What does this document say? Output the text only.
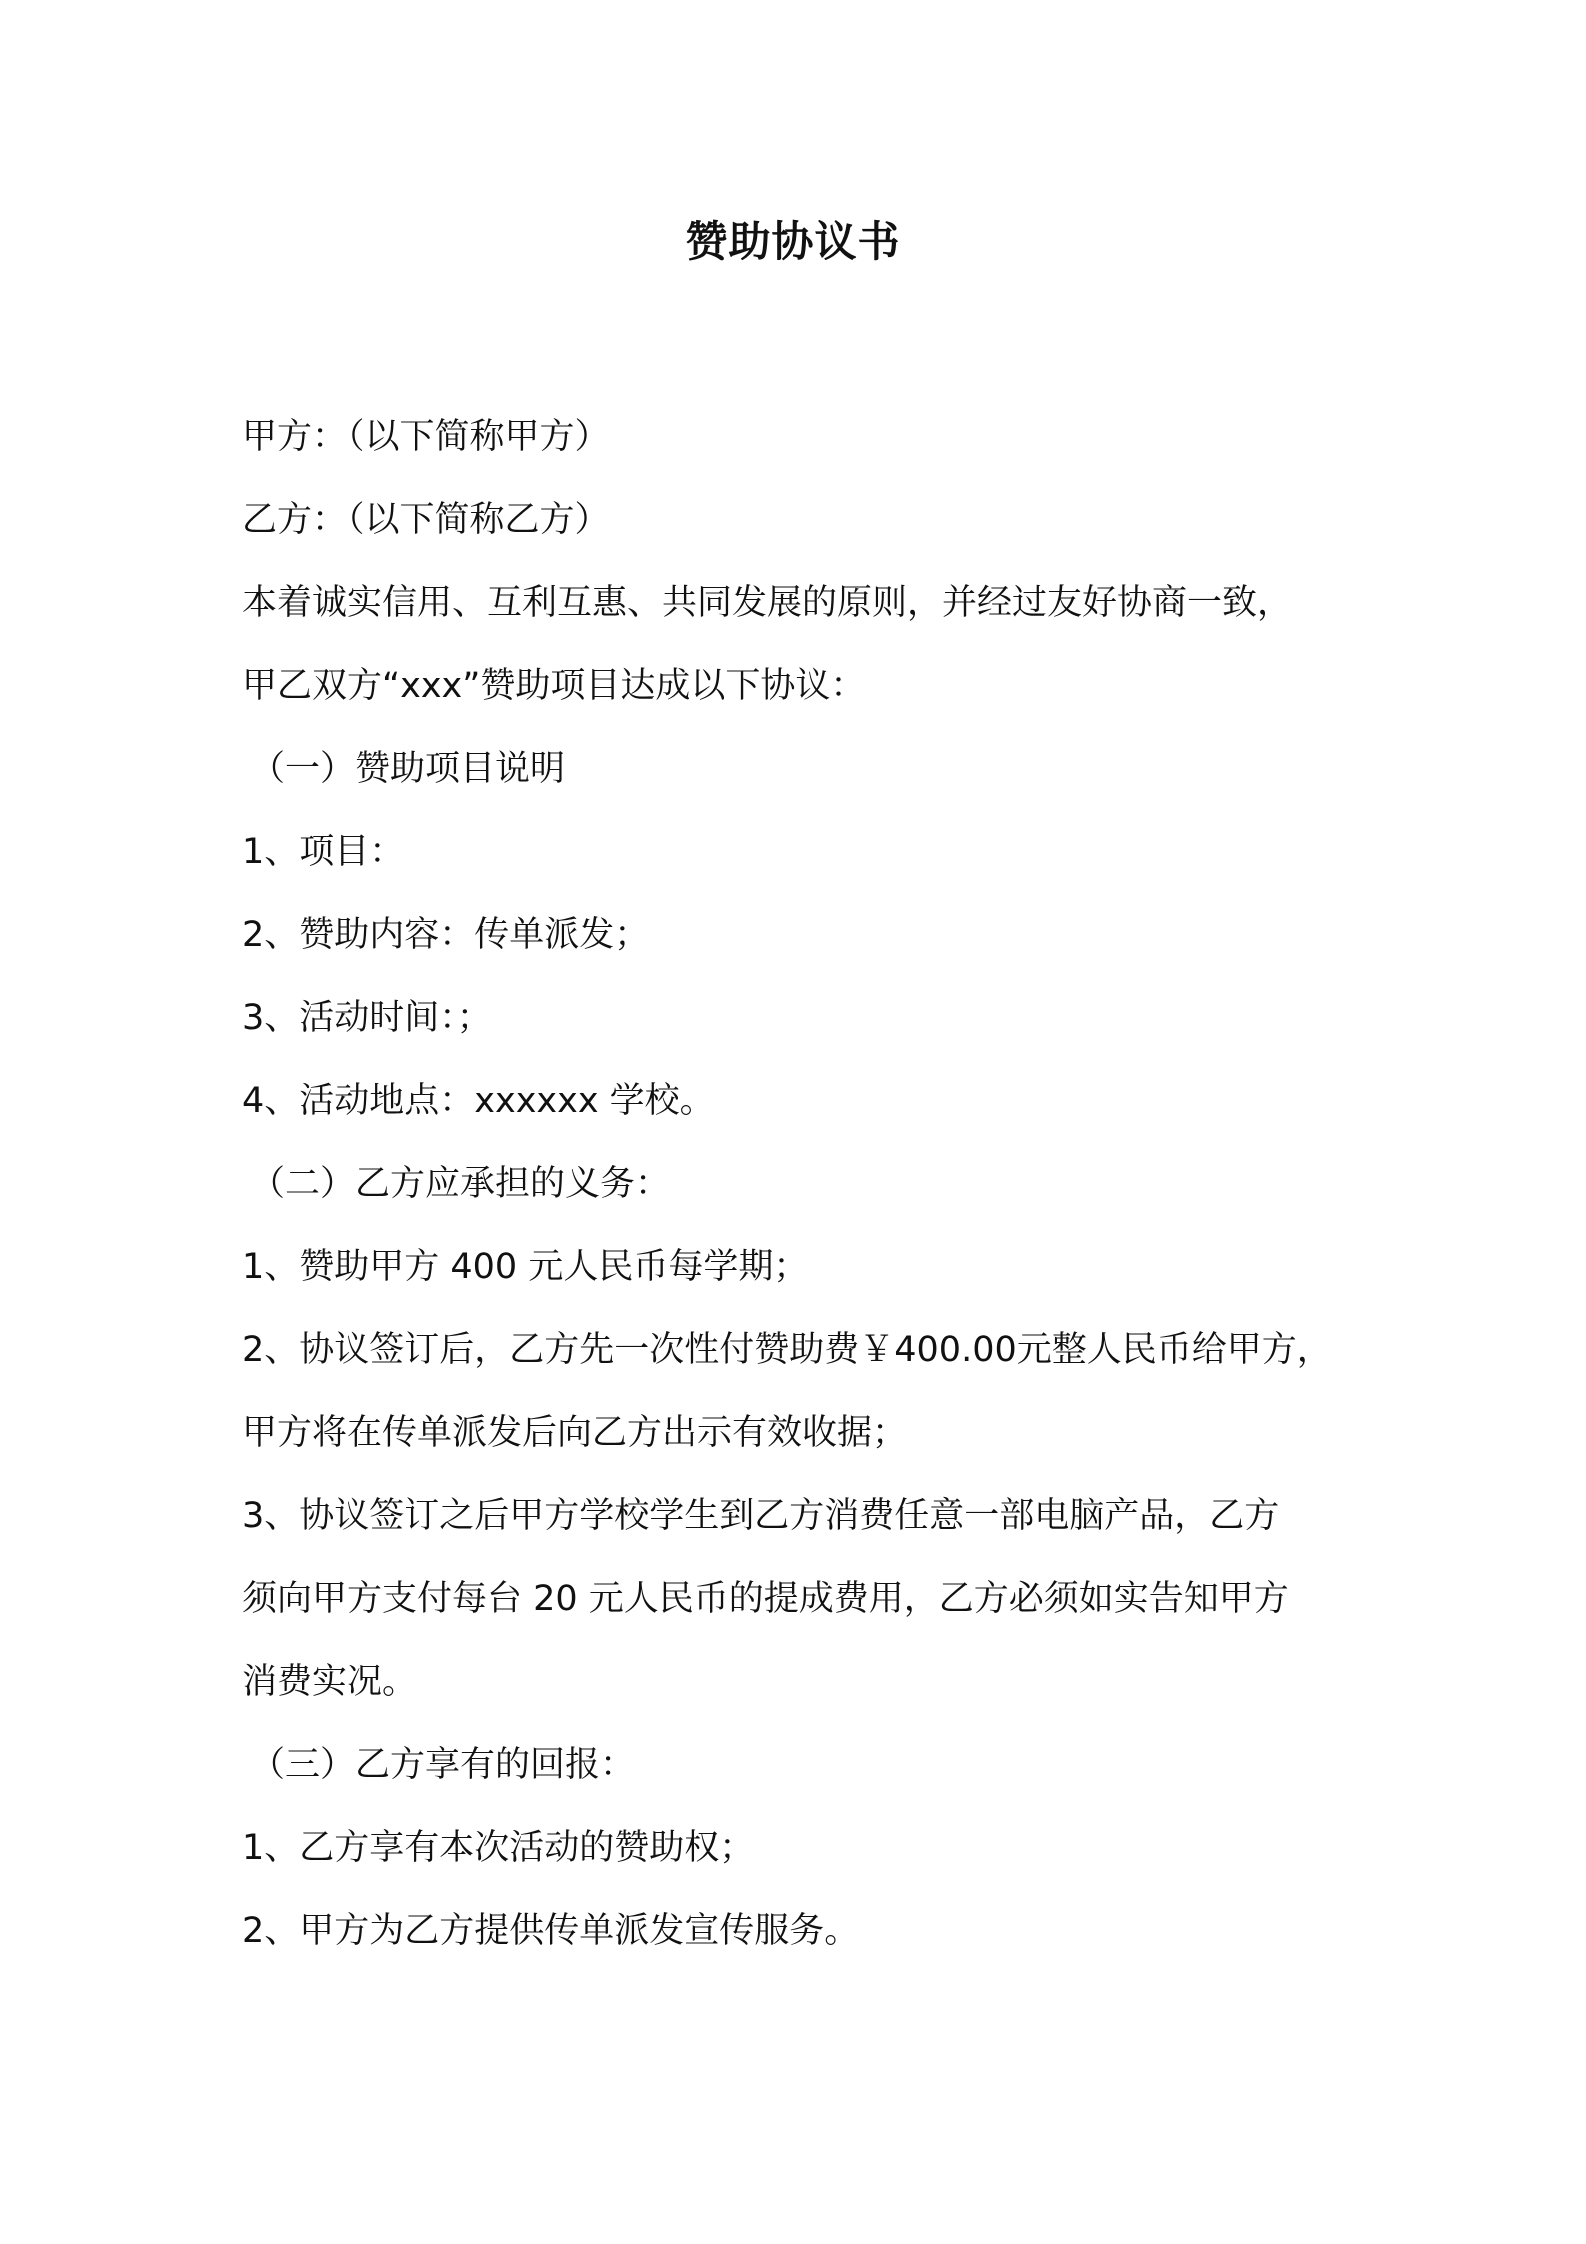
赞助协议书
甲方：（以下简称甲方）
乙方：（以下简称乙方）
本着诚实信用、互利互惠、共同发展的原则，并经过友好协商一致，
甲乙双方“xxx”赞助项目达成以下协议：
（一）赞助项目说明
1、项目：
2、赞助内容：传单派发；
3、活动时间：；
4、活动地点：xxxxxx 学校。
（二）乙方应承担的义务：
1、赞助甲方 400 元人民币每学期；
2、协议签订后，乙方先一次性付赞助费￥400.00元整人民币给甲方，
甲方将在传单派发后向乙方出示有效收据；
3、协议签订之后甲方学校学生到乙方消费任意一部电脑产品，乙方
须向甲方支付每台 20 元人民币的提成费用，乙方必须如实告知甲方
消费实况。
（三）乙方享有的回报：
1、乙方享有本次活动的赞助权；
2、甲方为乙方提供传单派发宣传服务。
